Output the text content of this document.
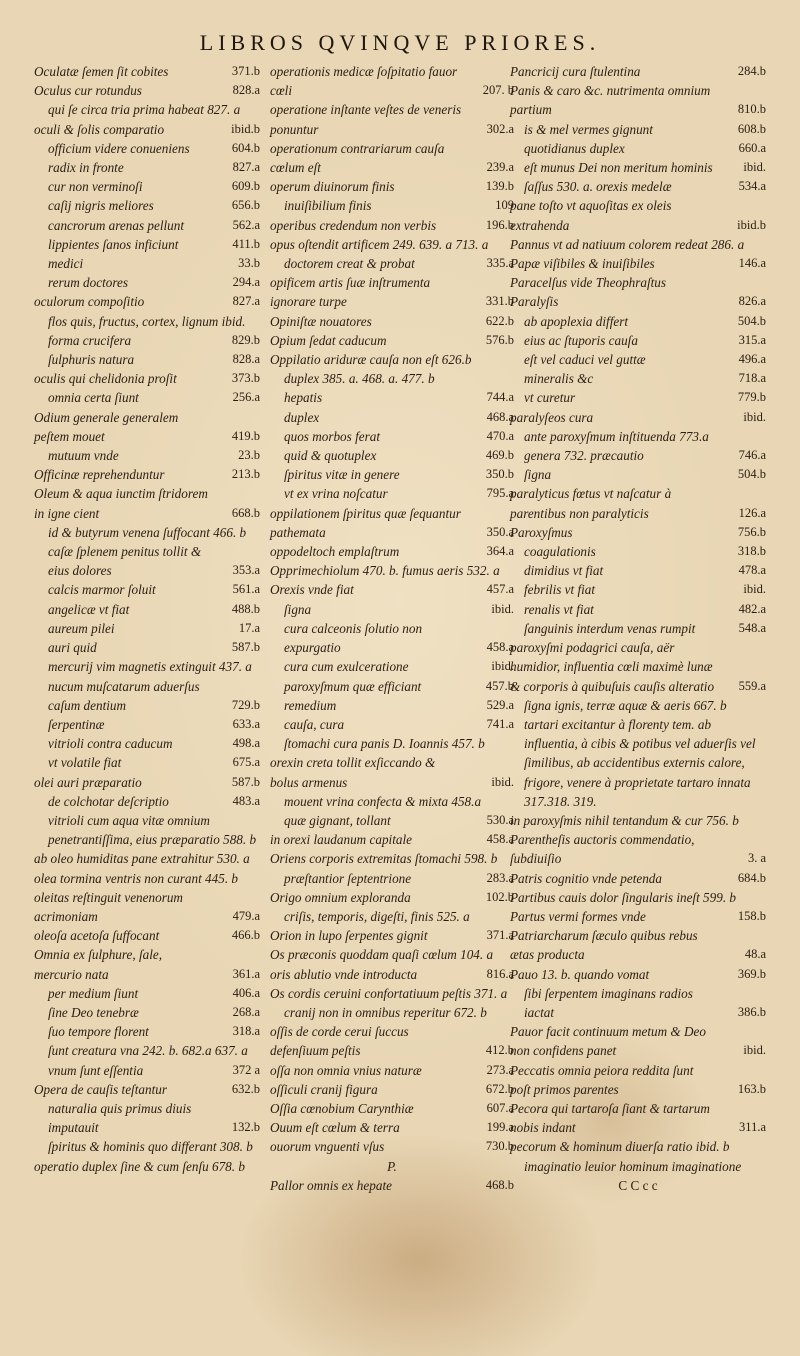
LIBROS QVINQVE PRIORES.
Oculatæ ſemen ſit cobites	371.b
Oculus cur rotundus	828.a
qui ſe circa tria prima habeat 827. a
oculi & ſolis comparatio	ibid.b
officium videre conueniens	604.b
radix in fronte	827.a
cur non verminoſi	609.b
caſij nigris meliores	656.b
cancrorum arenas pellunt	562.a
lippientes ſanos inficiunt	411.b
medici	33.b
rerum doctores	294.a
oculorum compoſitio	827.a
flos quis, fructus, cortex, lignum ibid.
forma crucifera	829.b
ſulphuris natura	828.a
oculis qui chelidonia proſit	373.b
omnia certa ſiunt	256.a
Odium generale generalem peſtem mouet	419.b
mutuum vnde	23.b
Officinæ reprehenduntur	213.b
Oleum & aqua iunctim ſtridorem in igne cient	668.b
id & butyrum venena ſuffocant 466. b
caſæ ſplenem penitus tollit & eius dolores	353.a
calcis marmor ſoluit	561.a
angelicæ vt fiat	488.b
aureum pilei	17.a
auri quid	587.b
mercurij vim magnetis extinguit 437. a
nucum muſcatarum aduerſus caſum dentium	729.b
ſerpentinæ	633.a
vitrioli contra caducum	498.a
vt volatile fiat	675.a
olei auri præparatio	587.b
de colchotar deſcriptio	483.a
vitrioli cum aqua vitæ omnium penetrantiſſima, eius præparatio 588. b
ab oleo humiditas pane extrahitur 530. a
olea tormina ventris non curant 445. b
oleitas reſtinguit venenorum acrimoniam	479.a
oleoſa acetoſa ſuffocant	466.b
Omnia ex ſulphure, ſale, mercurio nata	361.a
per medium ſiunt	406.a
ſine Deo tenebræ	268.a
ſuo tempore florent	318.a
ſunt creatura vna 242. b. 682.a 637. a
vnum ſunt eſſentia	372 a
Opera de cauſis teſtantur	632.b
naturalia quis primus diuis imputauit	132.b
ſpiritus & hominis quo differant 308. b
operatio duplex ſine & cum ſenſu 678. b
operationis medicæ ſoſpitatio fauor cœli	207. b
operatione inſtante veſtes de veneris ponuntur	302.a
operationum contrariarum cauſa cœlum eſt	239.a
operum diuinorum finis	139.b
inuiſibilium finis	109
operibus credendum non verbis	196.b
opus oſtendit artificem 249. 639. a 713. a
doctorem creat & probat	335.a
opificem artis ſuæ inſtrumenta ignorare turpe	331.b
Opiniſtæ nouatores	622.b
Opium ſedat caducum	576.b
Oppilatio ariduræ cauſa non eſt 626.b
duplex 385. a. 468. a. 477. b
hepatis	744.a
duplex	468.a
quos morbos ferat	470.a
quid & quotuplex	469.b
ſpiritus vitæ in genere	350.b
vt ex vrina noſcatur	795.a
oppilationem ſpiritus quæ ſequantur pathemata	350.a
oppodeltoch emplaſtrum	364.a
Opprimechiolum 470. b. fumus aeris 532. a
Orexis vnde fiat	457.a
ſigna	ibid.
cura calceonis ſolutio non expurgatio	458.a
cura cum exulceratione	ibid.
paroxyſmum quæ efficiant	457.b
remedium	529.a
cauſa, cura	741.a
ſtomachi cura panis D. Ioannis 457. b
orexin creta tollit exſiccando & bolus armenus	ibid.
mouent vrina confecta & mixta 458.a
quæ gignant, tollant	530.a
in orexi laudanum capitale	458.a
Oriens corporis extremitas ſtomachi 598. b
præſtantior ſeptentrione	283.a
Origo omnium exploranda	102.b
criſis, temporis, digeſti, finis 525. a
Orion in lupo ſerpentes gignit	371.a
Os præconis quoddam quaſi cœlum 104. a
oris ablutio vnde introducta	816.a
Os cordis ceruini confortatiuum peſtis 371. a
cranij non in omnibus reperitur 672. b
oſſis de corde cerui ſuccus defenſiuum peſtis	412.b
oſſa non omnia vnius naturæ	273.a
oſſiculi cranij figura	672.b
Oſſia cœnobium Carynthiæ	607.a
Ouum eſt cœlum & terra	199.a
ouorum vnguenti vſus	730.b
P.
Pallor omnis ex hepate	468.b
Pancricij cura ſtulentina	284.b
Panis & caro &c. nutrimenta omnium partium	810.b
is & mel vermes gignunt	608.b
quotidianus duplex	660.a
eſt munus Dei non meritum hominis	ibid.
ſaſſus 530. a. orexis medelæ	534.a
pane toſto vt aquoſitas ex oleis extrahenda	ibid.b
Pannus vt ad natiuum colorem redeat 286. a
Papæ viſibiles & inuiſibiles	146.a
Paracelſus vide Theophraſtus
Paralyſis	826.a
ab apoplexia differt	504.b
eius ac ſtuporis cauſa	315.a
eſt vel caduci vel guttæ	496.a
mineralis &c	718.a
vt curetur	779.b
paralyſeos cura	ibid.
ante paroxyſmum inſtituenda 773.a
genera 732. præcautio	746.a
ſigna	504.b
paralyticus fœtus vt naſcatur à parentibus non paralyticis	126.a
Paroxyſmus	756.b
coagulationis	318.b
dimidius vt fiat	478.a
febrilis vt fiat	ibid.
renalis vt fiat	482.a
ſanguinis interdum venas rumpit	548.a
paroxyſmi podagrici cauſa, aër humidior, influentia cœli maximè lunæ & corporis à quibuſuis cauſis alteratio	559.a
ſigna ignis, terræ aquæ & aeris 667. b
tartari excitantur à florenty tem. ab influentia, à cibis & potibus vel aduerſis vel ſimilibus, ab accidentibus externis calore, frigore, venere à proprietate tartaro innata 317.318. 319.
in paroxyſmis nihil tentandum & cur 756. b
Parentheſis auctoris commendatio, ſubdiuiſio	3. a
Patris cognitio vnde petenda	684.b
Partibus cauis dolor ſingularis ineſt 599. b
Partus vermi formes vnde	158.b
Patriarcharum ſæculo quibus rebus ætas producta	48.a
Pauo 13. b. quando vomat	369.b
ſibi ſerpentem imaginans radios iactat	386.b
Pauor facit continuum metum & Deo non confidens panet	ibid.
Peccatis omnia peiora reddita ſunt poſt primos parentes	163.b
Pecora qui tartaroſa ſiant & tartarum nobis indant	311.a
pecorum & hominum diuerſa ratio ibid. b
imaginatio leuior hominum imaginatione
C C c c
